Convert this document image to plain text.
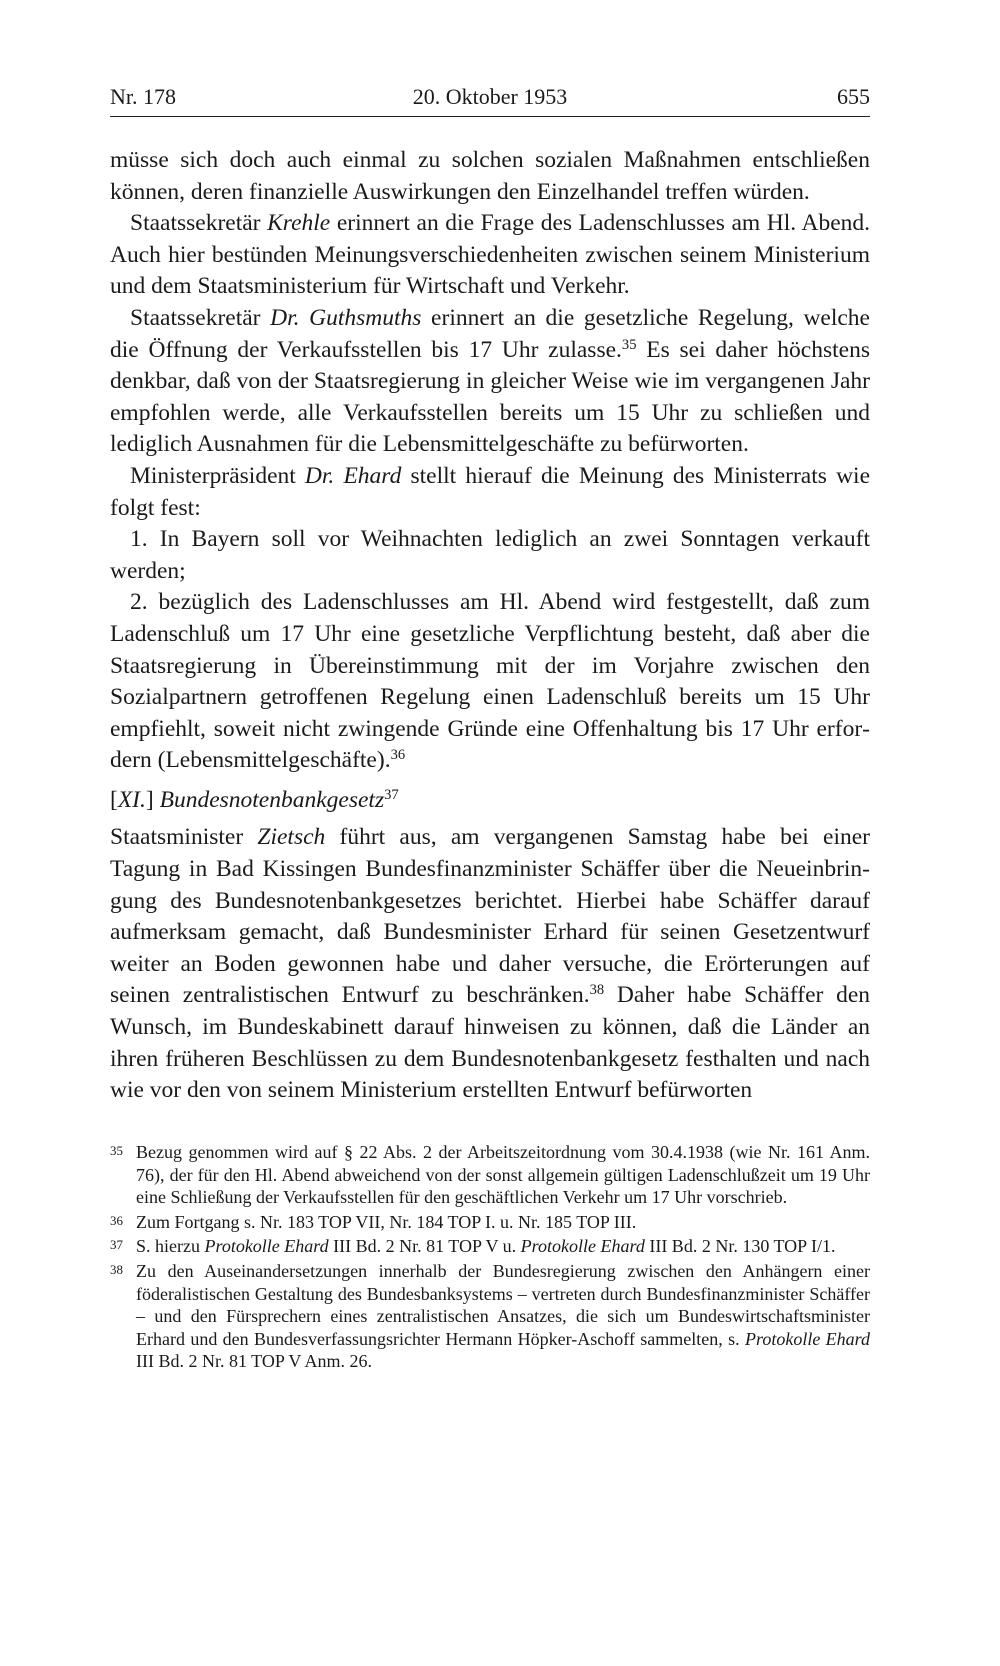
Nr. 178	20. Oktober 1953	655

müsse sich doch auch einmal zu solchen sozialen Maßnahmen entschließen können, deren finanzielle Auswirkungen den Einzelhandel treffen würden.

Staatssekretär Krehle erinnert an die Frage des Ladenschlusses am Hl. Abend. Auch hier bestünden Meinungsverschiedenheiten zwischen seinem Ministerium und dem Staatsministerium für Wirtschaft und Verkehr.

Staatssekretär Dr. Guthsmuths erinnert an die gesetzliche Regelung, welche die Öffnung der Verkaufsstellen bis 17 Uhr zulasse.$^{35}$ Es sei daher höchstens denkbar, daß von der Staatsregierung in gleicher Weise wie im vergangenen Jahr empfohlen werde, alle Verkaufsstellen bereits um 15 Uhr zu schließen und lediglich Ausnahmen für die Lebensmittelgeschäfte zu befürworten.

Ministerpräsident Dr. Ehard stellt hierauf die Meinung des Ministerrats wie folgt fest:

1. In Bayern soll vor Weihnachten lediglich an zwei Sonntagen verkauft werden;

2. bezüglich des Ladenschlusses am Hl. Abend wird festgestellt, daß zum Ladenschluß um 17 Uhr eine gesetzliche Verpflichtung besteht, daß aber die Staatsregierung in Übereinstimmung mit der im Vorjahre zwischen den Sozialpartnern getroffenen Regelung einen Ladenschluß bereits um 15 Uhr empfiehlt, soweit nicht zwingende Gründe eine Offenhaltung bis 17 Uhr erfordern (Lebensmittelgeschäfte).$^{36}$

[XI.] Bundesnotenbankgesetz$^{37}$

Staatsminister Zietsch führt aus, am vergangenen Samstag habe bei einer Tagung in Bad Kissingen Bundesfinanzminister Schäffer über die Neueinbringung des Bundesnotenbankgesetzes berichtet. Hierbei habe Schäffer darauf aufmerksam gemacht, daß Bundesminister Erhard für seinen Gesetzentwurf weiter an Boden gewonnen habe und daher versuche, die Erörterungen auf seinen zentralistischen Entwurf zu beschränken.$^{38}$ Daher habe Schäffer den Wunsch, im Bundeskabinett darauf hinweisen zu können, daß die Länder an ihren früheren Beschlüssen zu dem Bundesnotenbankgesetz festhalten und nach wie vor den von seinem Ministerium erstellten Entwurf befürworten

35 Bezug genommen wird auf § 22 Abs. 2 der Arbeitszeitordnung vom 30.4.1938 (wie Nr. 161 Anm. 76), der für den Hl. Abend abweichend von der sonst allgemein gültigen Ladenschlußzeit um 19 Uhr eine Schließung der Verkaufsstellen für den geschäftlichen Verkehr um 17 Uhr vorschrieb.
36 Zum Fortgang s. Nr. 183 TOP VII, Nr. 184 TOP I. u. Nr. 185 TOP III.
37 S. hierzu Protokolle Ehard III Bd. 2 Nr. 81 TOP V u. Protokolle Ehard III Bd. 2 Nr. 130 TOP I/1.
38 Zu den Auseinandersetzungen innerhalb der Bundesregierung zwischen den Anhängern einer föderalistischen Gestaltung des Bundesbanksystems – vertreten durch Bundesfinanzminister Schäffer – und den Fürsprechern eines zentralistischen Ansatzes, die sich um Bundeswirtschaftsminister Erhard und den Bundesverfassungsrichter Hermann Höpker-Aschoff sammelten, s. Protokolle Ehard III Bd. 2 Nr. 81 TOP V Anm. 26.
